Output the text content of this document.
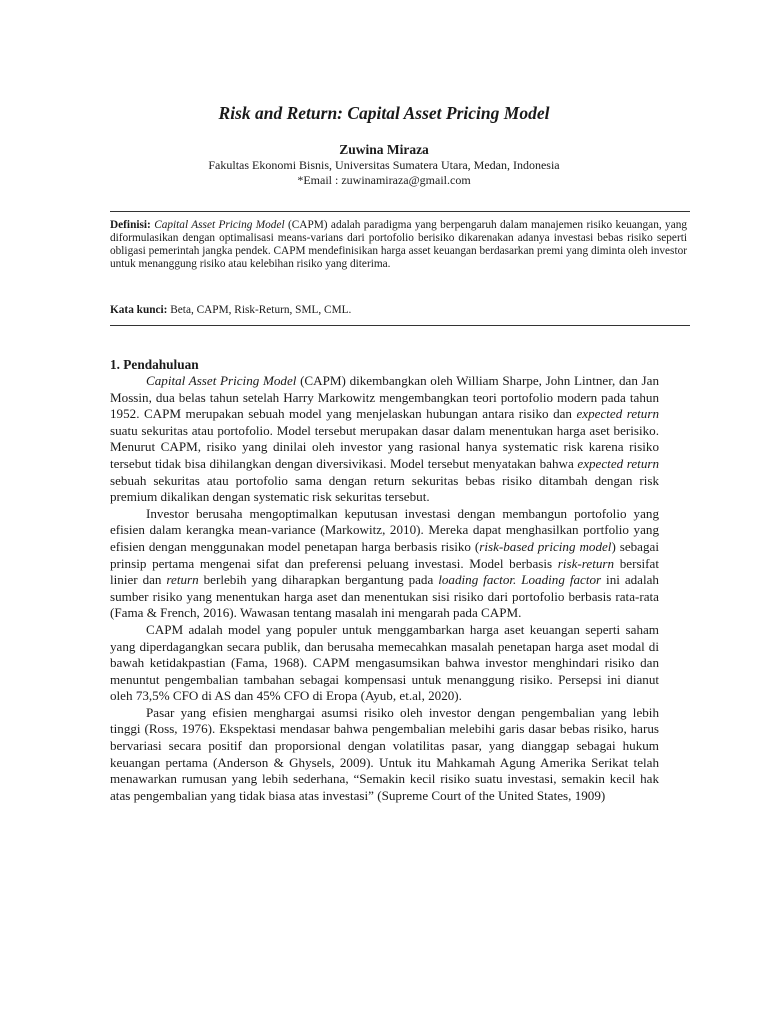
Risk and Return: Capital Asset Pricing Model
Zuwina Miraza
Fakultas Ekonomi Bisnis, Universitas Sumatera Utara, Medan, Indonesia
*Email : zuwinamiraza@gmail.com

Definisi: Capital Asset Pricing Model (CAPM) adalah paradigma yang berpengaruh dalam manajemen risiko keuangan, yang diformulasikan dengan optimalisasi means-varians dari portofolio berisiko dikarenakan adanya investasi bebas risiko seperti obligasi pemerintah jangka pendek. CAPM mendefinisikan harga asset keuangan berdasarkan premi yang diminta oleh investor untuk menanggung risiko atau kelebihan risiko yang diterima.

Kata kunci: Beta, CAPM, Risk-Return, SML, CML.

1. Pendahuluan

Capital Asset Pricing Model (CAPM) dikembangkan oleh William Sharpe, John Lintner, dan Jan Mossin, dua belas tahun setelah Harry Markowitz mengembangkan teori portofolio modern pada tahun 1952. CAPM merupakan sebuah model yang menjelaskan hubungan antara risiko dan expected return suatu sekuritas atau portofolio. Model tersebut merupakan dasar dalam menentukan harga aset berisiko. Menurut CAPM, risiko yang dinilai oleh investor yang rasional hanya systematic risk karena risiko tersebut tidak bisa dihilangkan dengan diversivikasi. Model tersebut menyatakan bahwa expected return sebuah sekuritas atau portofolio sama dengan return sekuritas bebas risiko ditambah dengan risk premium dikalikan dengan systematic risk sekuritas tersebut.

Investor berusaha mengoptimalkan keputusan investasi dengan membangun portofolio yang efisien dalam kerangka mean-variance (Markowitz, 2010). Mereka dapat menghasilkan portfolio yang efisien dengan menggunakan model penetapan harga berbasis risiko (risk-based pricing model) sebagai prinsip pertama mengenai sifat dan preferensi peluang investasi. Model berbasis risk-return bersifat linier dan return berlebih yang diharapkan bergantung pada loading factor. Loading factor ini adalah sumber risiko yang menentukan harga aset dan menentukan sisi risiko dari portofolio berbasis rata-rata (Fama & French, 2016). Wawasan tentang masalah ini mengarah pada CAPM.

CAPM adalah model yang populer untuk menggambarkan harga aset keuangan seperti saham yang diperdagangkan secara publik, dan berusaha memecahkan masalah penetapan harga aset modal di bawah ketidakpastian (Fama, 1968). CAPM mengasumsikan bahwa investor menghindari risiko dan menuntut pengembalian tambahan sebagai kompensasi untuk menanggung risiko. Persepsi ini dianut oleh 73,5% CFO di AS dan 45% CFO di Eropa (Ayub, et.al, 2020).

Pasar yang efisien menghargai asumsi risiko oleh investor dengan pengembalian yang lebih tinggi (Ross, 1976). Ekspektasi mendasar bahwa pengembalian melebihi garis dasar bebas risiko, harus bervariasi secara positif dan proporsional dengan volatilitas pasar, yang dianggap sebagai hukum keuangan pertama (Anderson & Ghysels, 2009). Untuk itu Mahkamah Agung Amerika Serikat telah menawarkan rumusan yang lebih sederhana, “Semakin kecil risiko suatu investasi, semakin kecil hak atas pengembalian yang tidak biasa atas investasi” (Supreme Court of the United States, 1909)
